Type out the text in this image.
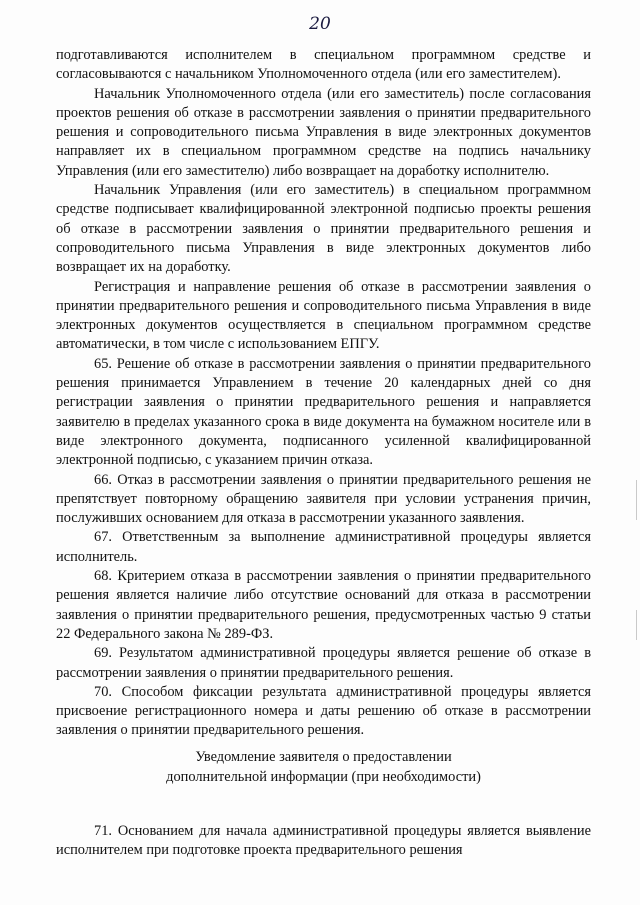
20

подготавливаются исполнителем в специальном программном средстве и согласовываются с начальником Уполномоченного отдела (или его заместителем).

Начальник Уполномоченного отдела (или его заместитель) после согласования проектов решения об отказе в рассмотрении заявления о принятии предварительного решения и сопроводительного письма Управления в виде электронных документов направляет их в специальном программном средстве на подпись начальнику Управления (или его заместителю) либо возвращает на доработку исполнителю.

Начальник Управления (или его заместитель) в специальном программном средстве подписывает квалифицированной электронной подписью проекты решения об отказе в рассмотрении заявления о принятии предварительного решения и сопроводительного письма Управления в виде электронных документов либо возвращает их на доработку.

Регистрация и направление решения об отказе в рассмотрении заявления о принятии предварительного решения и сопроводительного письма Управления в виде электронных документов осуществляется в специальном программном средстве автоматически, в том числе с использованием ЕПГУ.

65. Решение об отказе в рассмотрении заявления о принятии предварительного решения принимается Управлением в течение 20 календарных дней со дня регистрации заявления о принятии предварительного решения и направляется заявителю в пределах указанного срока в виде документа на бумажном носителе или в виде электронного документа, подписанного усиленной квалифицированной электронной подписью, с указанием причин отказа.

66. Отказ в рассмотрении заявления о принятии предварительного решения не препятствует повторному обращению заявителя при условии устранения причин, послуживших основанием для отказа в рассмотрении указанного заявления.

67. Ответственным за выполнение административной процедуры является исполнитель.

68. Критерием отказа в рассмотрении заявления о принятии предварительного решения является наличие либо отсутствие оснований для отказа в рассмотрении заявления о принятии предварительного решения, предусмотренных частью 9 статьи 22 Федерального закона № 289-ФЗ.

69. Результатом административной процедуры является решение об отказе в рассмотрении заявления о принятии предварительного решения.

70. Способом фиксации результата административной процедуры является присвоение регистрационного номера и даты решению об отказе в рассмотрении заявления о принятии предварительного решения.

Уведомление заявителя о предоставлении
дополнительной информации (при необходимости)
71. Основанием для начала административной процедуры является выявление исполнителем при подготовке проекта предварительного решения
